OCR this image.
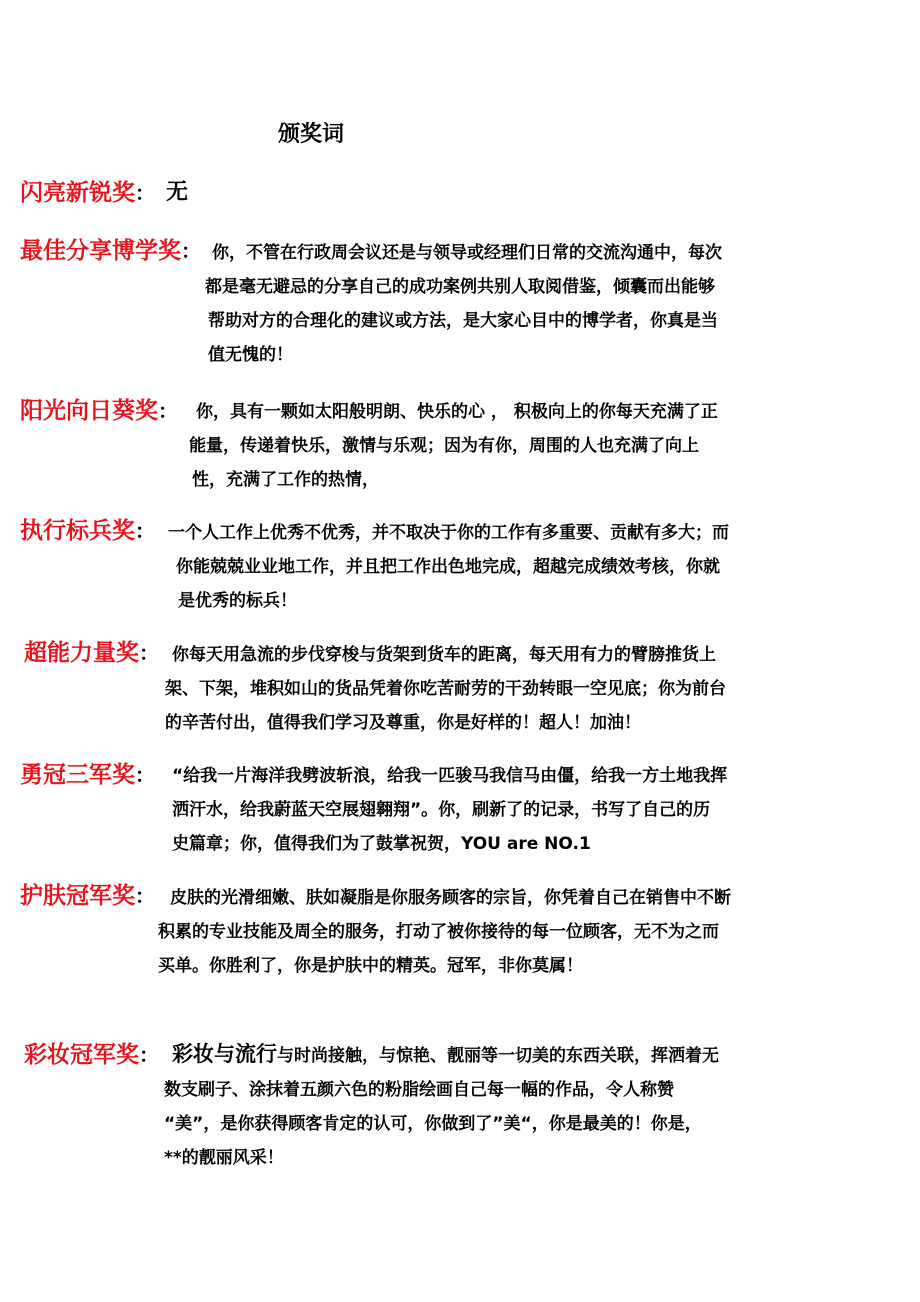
颁奖词
闪亮新锐奖： 无
最佳分享博学奖： 你，不管在行政周会议还是与领导或经理们日常的交流沟通中，每次
都是毫无避忌的分享自己的成功案例共别人取阅借鉴，倾囊而出能够
帮助对方的合理化的建议或方法，是大家心目中的博学者，你真是当
值无愧的！
阳光向日葵奖： 你，具有一颗如太阳般明朗、快乐的心 ， 积极向上的你每天充满了正
能量，传递着快乐，激情与乐观；因为有你，周围的人也充满了向上
性，充满了工作的热情，
执行标兵奖： 一个人工作上优秀不优秀，并不取决于你的工作有多重要、贡献有多大；而
你能兢兢业业地工作，并且把工作出色地完成，超越完成绩效考核，你就
是优秀的标兵！
超能力量奖： 你每天用急流的步伐穿梭与货架到货车的距离，每天用有力的臂膀推货上
架、下架，堆积如山的货品凭着你吃苦耐劳的干劲转眼一空见底；你为前台
的辛苦付出，值得我们学习及尊重，你是好样的！超人！加油！
勇冠三军奖： “给我一片海洋我劈波斩浪，给我一匹骏马我信马由僵，给我一方土地我挥
洒汗水，给我蔚蓝天空展翅翱翔”。你，刷新了的记录，书写了自己的历
史篇章；你，值得我们为了鼓掌祝贺，YOU are NO.1
护肤冠军奖： 皮肤的光滑细嫩、肤如凝脂是你服务顾客的宗旨，你凭着自己在销售中不断
积累的专业技能及周全的服务，打动了被你接待的每一位顾客，无不为之而
买单。你胜利了，你是护肤中的精英。冠军，非你莫属！
彩妆冠军奖： 彩妆与流行与时尚接触，与惊艳、靓丽等一切美的东西关联，挥洒着无
数支刷子、涂抹着五颜六色的粉脂绘画自己每一幅的作品，令人称赞
“美”，是你获得顾客肯定的认可，你做到了”美“，你是最美的！你是，
**的靓丽风采！
